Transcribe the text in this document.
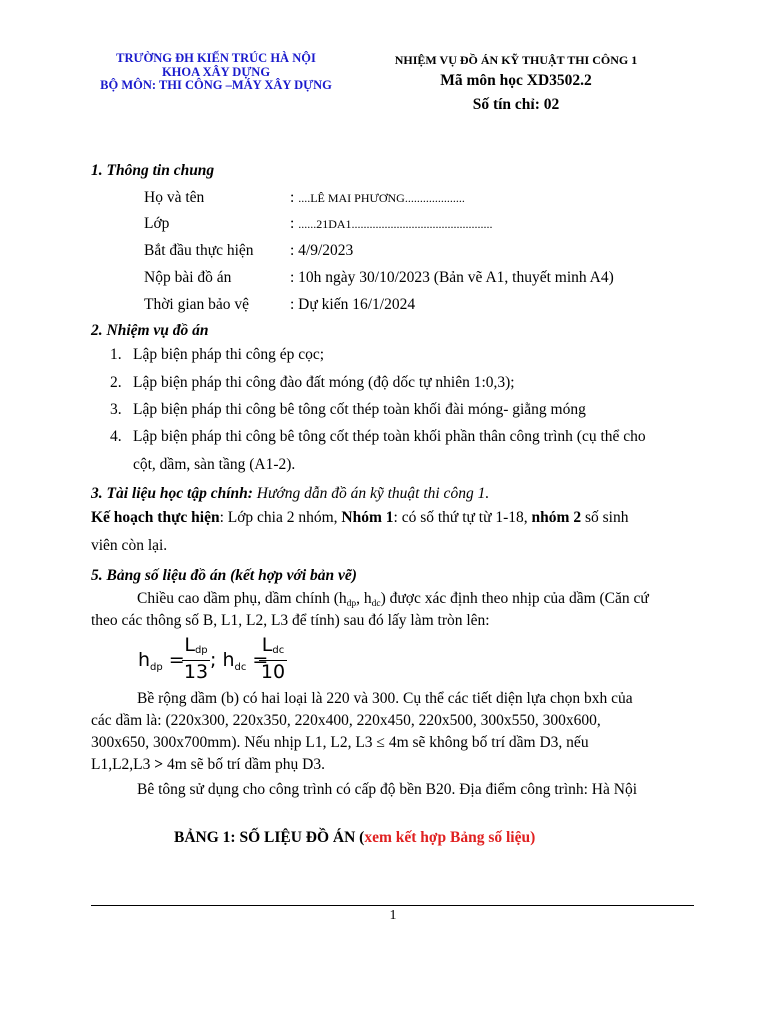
TRƯỜNG ĐH KIẾN TRÚC HÀ NỘI
KHOA XÂY DỰNG
BỘ MÔN: THI CÔNG –MÁY XÂY DỰNG
NHIỆM VỤ ĐỒ ÁN KỸ THUẬT THI CÔNG 1
Mã môn học XD3502.2
Số tín chỉ: 02
1. Thông tin chung
Họ và tên	: ....LÊ MAI PHƯƠNG....................
Lớp	: ......21DA1...............................................
Bắt đầu thực hiện : 4/9/2023
Nộp bài đồ án	: 10h ngày 30/10/2023 (Bản vẽ A1, thuyết minh A4)
Thời gian bảo vệ	: Dự kiến 16/1/2024
2. Nhiệm vụ đồ án
1. Lập biện pháp thi công ép cọc;
2. Lập biện pháp thi công đào đất móng (độ dốc tự nhiên 1:0,3);
3. Lập biện pháp thi công bê tông cốt thép toàn khối đài móng- giằng móng
4. Lập biện pháp thi công bê tông cốt thép toàn khối phần thân công trình (cụ thể cho
cột, dầm, sàn tầng (A1-2).
3. Tài liệu học tập chính: Hướng dẫn đồ án kỹ thuật thi công 1.
Kế hoạch thực hiện: Lớp chia 2 nhóm, Nhóm 1: có số thứ tự từ 1-18, nhóm 2 số sinh
viên còn lại.
5. Bảng số liệu đồ án (kết hợp với bản vẽ)
Chiều cao dầm phụ, dầm chính (hdp, hdc) được xác định theo nhịp của dầm (Căn cứ
theo các thông số B, L1, L2, L3 để tính) sau đó lấy làm tròn lên:
$h_{dp}$ =
Ldp
13
; $h_{dc}$ =
Ldc
10
Bề rộng dầm (b) có hai loại là 220 và 300. Cụ thể các tiết diện lựa chọn bxh của
các dầm là: (220x300, 220x350, 220x400, 220x450, 220x500, 300x550, 300x600,
300x650, 300x700mm). Nếu nhịp L1, L2, L3 ≤ 4m sẽ không bố trí dầm D3, nếu
L1,L2,L3 > 4m sẽ bố trí dầm phụ D3.
Bê tông sử dụng cho công trình có cấp độ bền B20. Địa điểm công trình: Hà Nội
BẢNG 1: SỐ LIỆU ĐỒ ÁN (xem kết hợp Bảng số liệu)
1
